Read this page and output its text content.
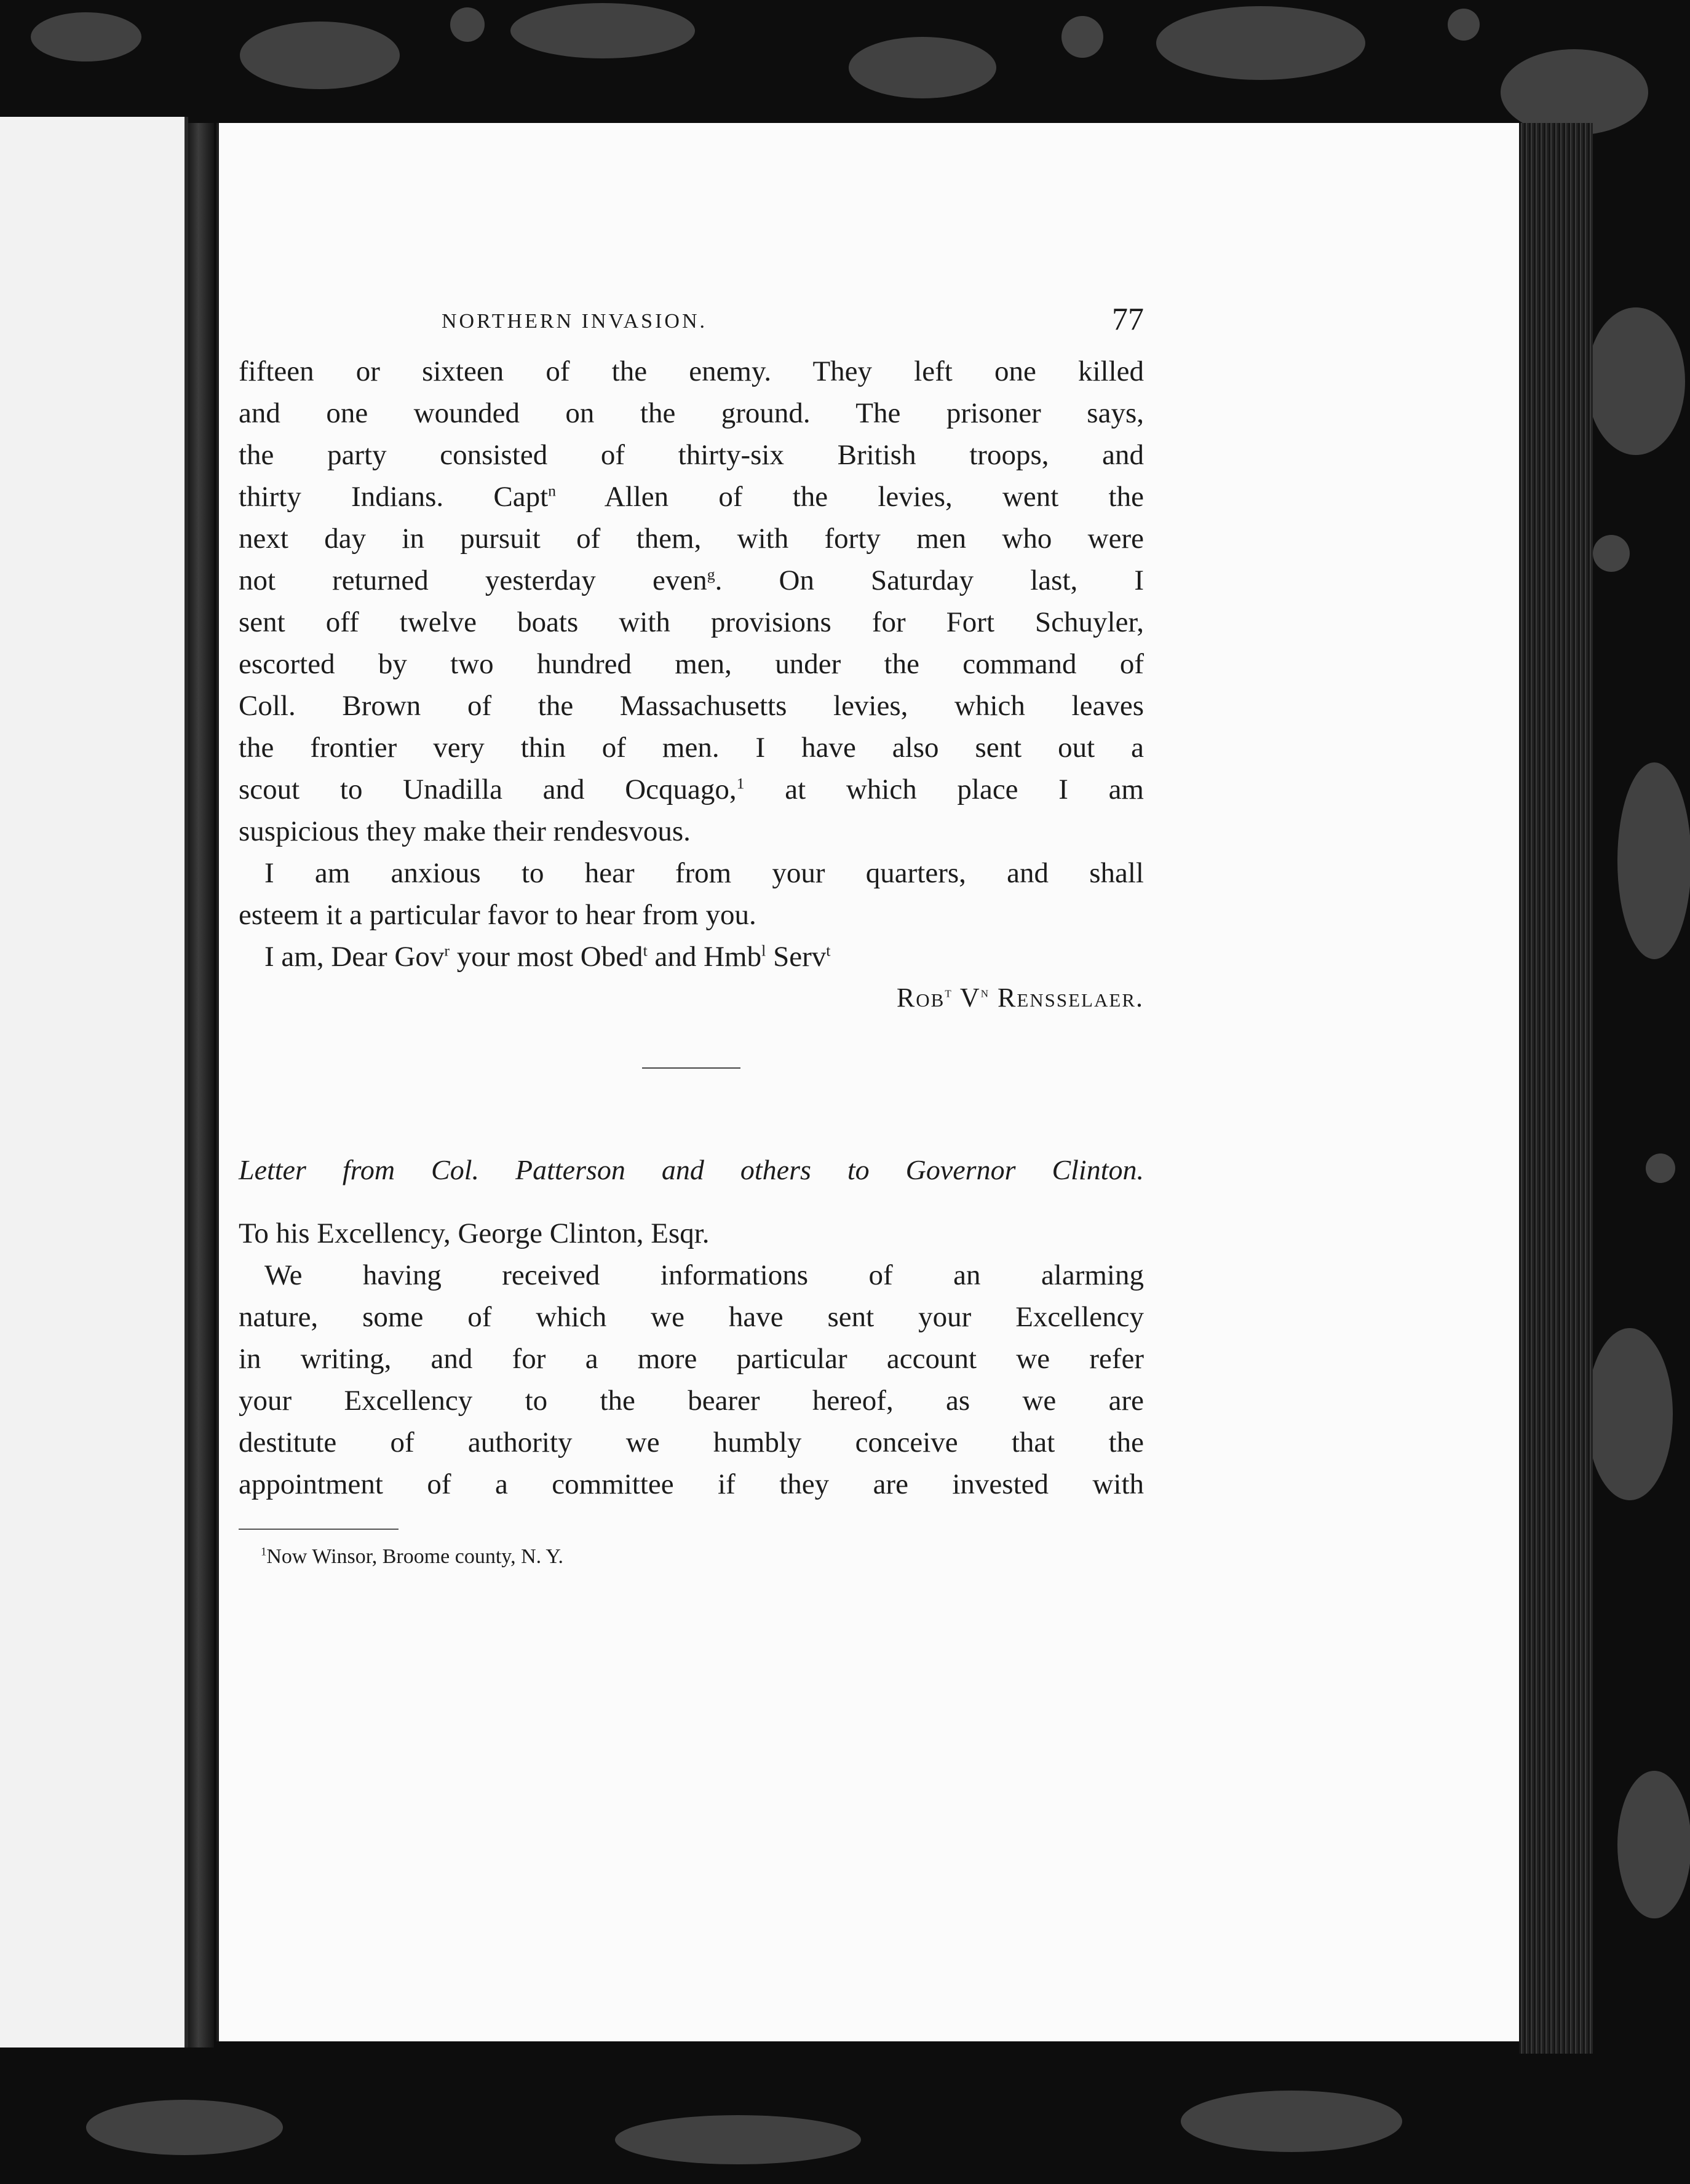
NORTHERN INVASION.	77

fifteen or sixteen of the enemy. They left one killed

and one wounded on the ground. The prisoner says,

the party consisted of thirty-six British troops, and

thirty Indians. Capt$^n$ Allen of the levies, went the

next day in pursuit of them, with forty men who were

not returned yesterday even$^g$. On Saturday last, I

sent off twelve boats with provisions for Fort Schuyler,

escorted by two hundred men, under the command of

Coll. Brown of the Massachusetts levies, which leaves

the frontier very thin of men. I have also sent out a

scout to Unadilla and Ocquago,$^1$ at which place I am

suspicious they make their rendesvous.

I am anxious to hear from your quarters, and shall

esteem it a particular favor to hear from you.

I am, Dear Gov$^r$ your most Obed$^t$ and Hmb$^l$ Serv$^t$

Rob$^t$ $V^n$ Rensselaer.
Letter from Col. Patterson and others to Governor Clinton.

To his Excellency, George Clinton, Esqr.

We having received informations of an alarming

nature, some of which we have sent your Excellency

in writing, and for a more particular account we refer

your Excellency to the bearer hereof, as we are

destitute of authority we humbly conceive that the

appointment of a committee if they are invested with

$^1$Now Winsor, Broome county, N. Y.
